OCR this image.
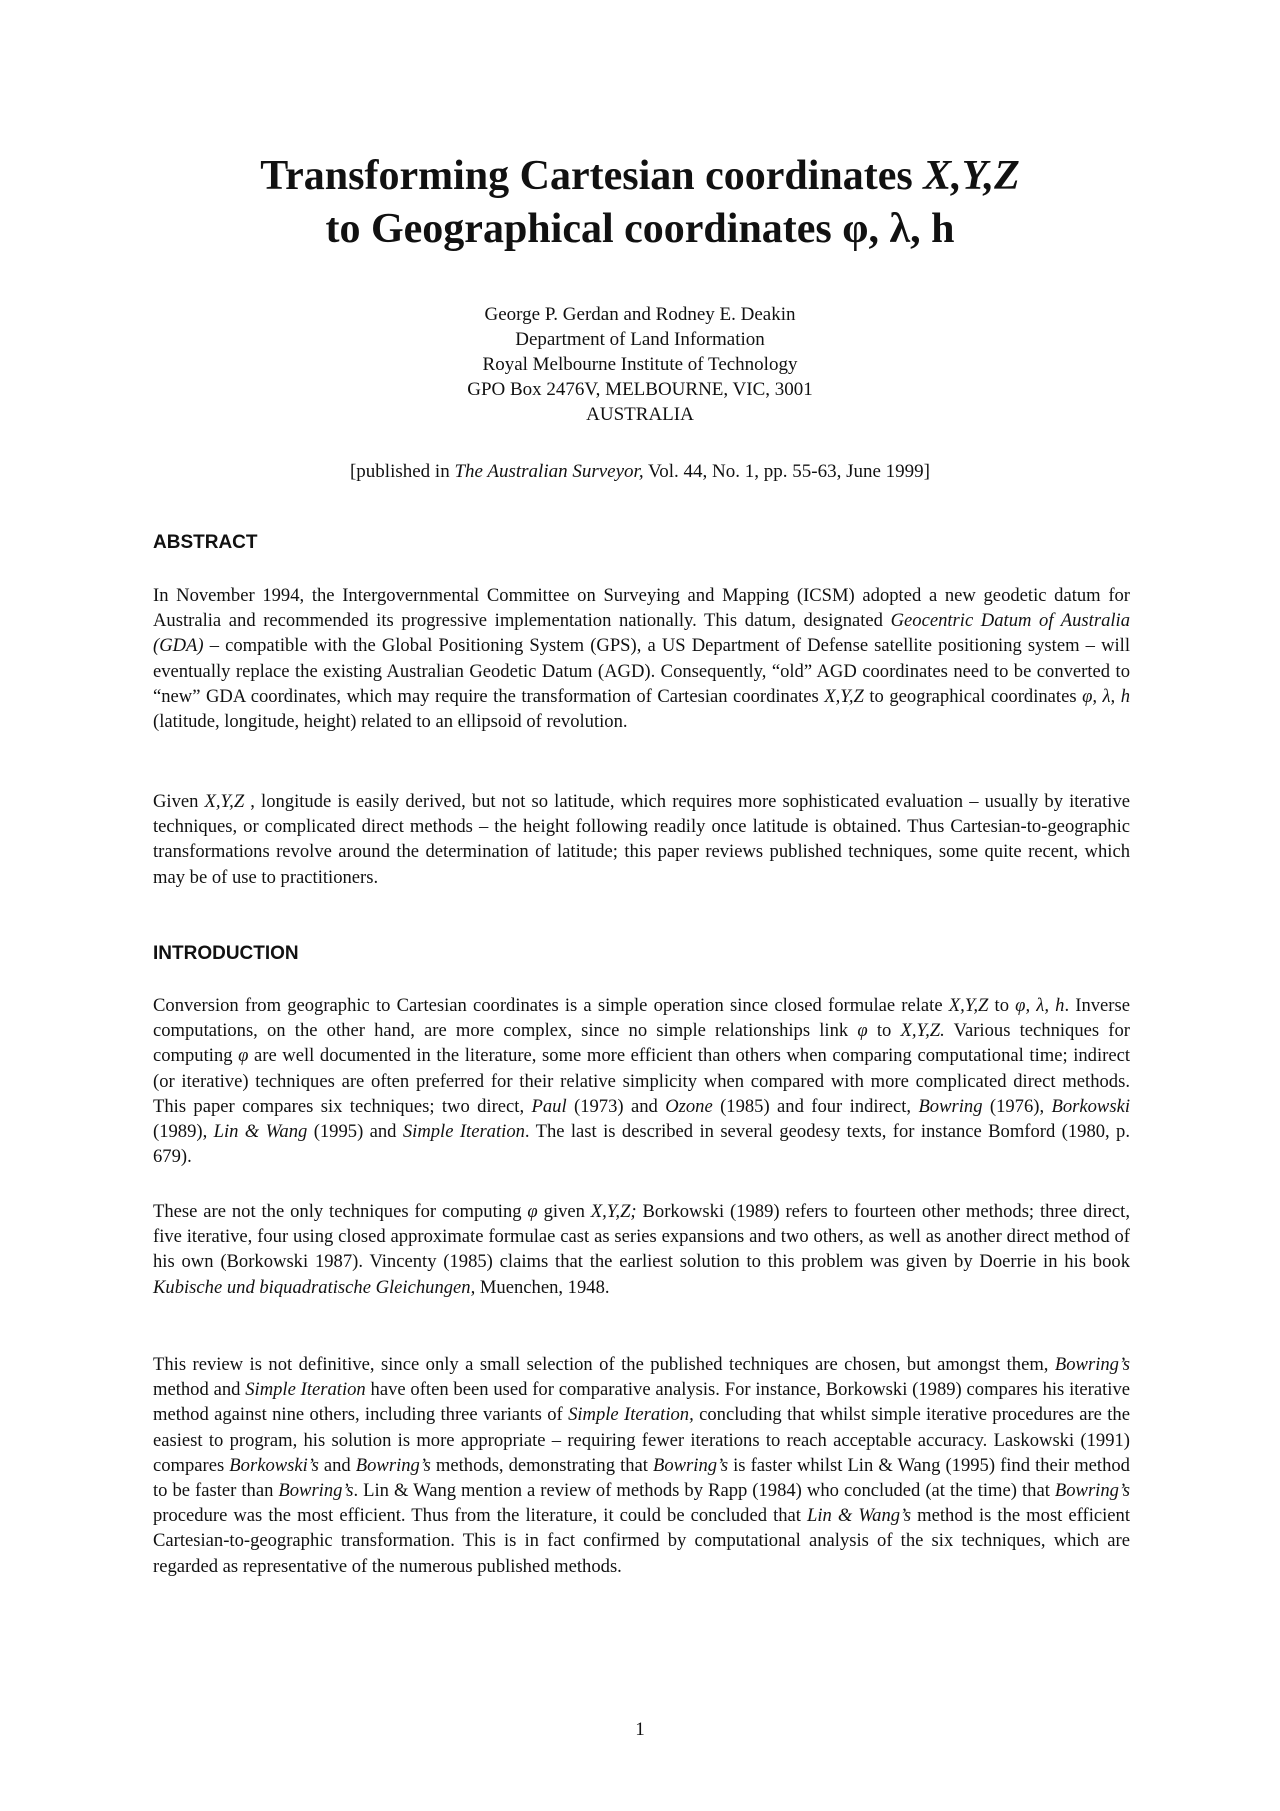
Transforming Cartesian coordinates X,Y,Z
to Geographical coordinates φ, λ, h
George P. Gerdan and Rodney E. Deakin
Department of Land Information
Royal Melbourne Institute of Technology
GPO Box 2476V, MELBOURNE, VIC, 3001
AUSTRALIA
[published in The Australian Surveyor, Vol. 44, No. 1, pp. 55-63, June 1999]
ABSTRACT

In November 1994, the Intergovernmental Committee on Surveying and Mapping (ICSM) adopted a new geodetic datum for Australia and recommended its progressive implementation nationally. This datum, designated Geocentric Datum of Australia (GDA) – compatible with the Global Positioning System (GPS), a US Department of Defense satellite positioning system – will eventually replace the existing Australian Geodetic Datum (AGD). Consequently, “old” AGD coordinates need to be converted to “new” GDA coordinates, which may require the transformation of Cartesian coordinates X,Y,Z to geographical coordinates φ, λ, h (latitude, longitude, height) related to an ellipsoid of revolution.

Given X,Y,Z , longitude is easily derived, but not so latitude, which requires more sophisticated evaluation – usually by iterative techniques, or complicated direct methods – the height following readily once latitude is obtained. Thus Cartesian-to-geographic transformations revolve around the determination of latitude; this paper reviews published techniques, some quite recent, which may be of use to practitioners.

INTRODUCTION

Conversion from geographic to Cartesian coordinates is a simple operation since closed formulae relate X,Y,Z to φ, λ, h. Inverse computations, on the other hand, are more complex, since no simple relationships link φ to X,Y,Z. Various techniques for computing φ are well documented in the literature, some more efficient than others when comparing computational time; indirect (or iterative) techniques are often preferred for their relative simplicity when compared with more complicated direct methods. This paper compares six techniques; two direct, Paul (1973) and Ozone (1985) and four indirect, Bowring (1976), Borkowski (1989), Lin & Wang (1995) and Simple Iteration. The last is described in several geodesy texts, for instance Bomford (1980, p. 679).

These are not the only techniques for computing φ given X,Y,Z; Borkowski (1989) refers to fourteen other methods; three direct, five iterative, four using closed approximate formulae cast as series expansions and two others, as well as another direct method of his own (Borkowski 1987). Vincenty (1985) claims that the earliest solution to this problem was given by Doerrie in his book Kubische und biquadratische Gleichungen, Muenchen, 1948.

This review is not definitive, since only a small selection of the published techniques are chosen, but amongst them, Bowring’s method and Simple Iteration have often been used for comparative analysis. For instance, Borkowski (1989) compares his iterative method against nine others, including three variants of Simple Iteration, concluding that whilst simple iterative procedures are the easiest to program, his solution is more appropriate – requiring fewer iterations to reach acceptable accuracy. Laskowski (1991) compares Borkowski’s and Bowring’s methods, demonstrating that Bowring’s is faster whilst Lin & Wang (1995) find their method to be faster than Bowring’s. Lin & Wang mention a review of methods by Rapp (1984) who concluded (at the time) that Bowring’s procedure was the most efficient. Thus from the literature, it could be concluded that Lin & Wang’s method is the most efficient Cartesian-to-geographic transformation. This is in fact confirmed by computational analysis of the six techniques, which are regarded as representative of the numerous published methods.

1
